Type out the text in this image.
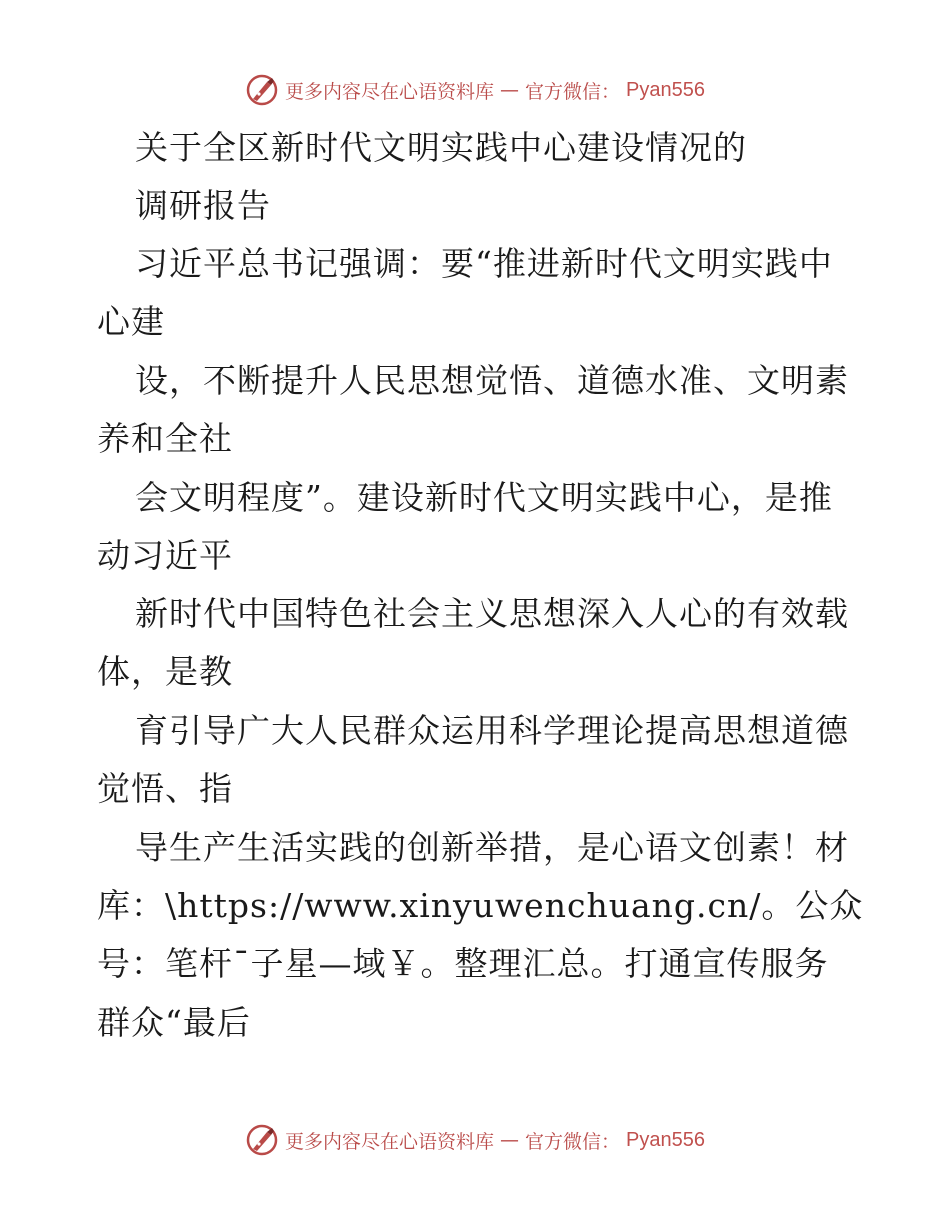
更多内容尽在心语资料库 — 官方微信： Pyan556
关于全区新时代文明实践中心建设情况的
调研报告
习近平总书记强调：要“推进新时代文明实践中
心建
设，不断提升人民思想觉悟、道德水准、文明素
养和全社
会文明程度”。建设新时代文明实践中心，是推
动习近平
新时代中国特色社会主义思想深入人心的有效载
体，是教
育引导广大人民群众运用科学理论提高思想道德
觉悟、指
导生产生活实践的创新举措，是心语文创素！材
库：\https://www.xinyuwenchuang.cn/。公众
号：笔杆¯子星—域￥。整理汇总。打通宣传服务
群众“最后
更多内容尽在心语资料库 — 官方微信： Pyan556
